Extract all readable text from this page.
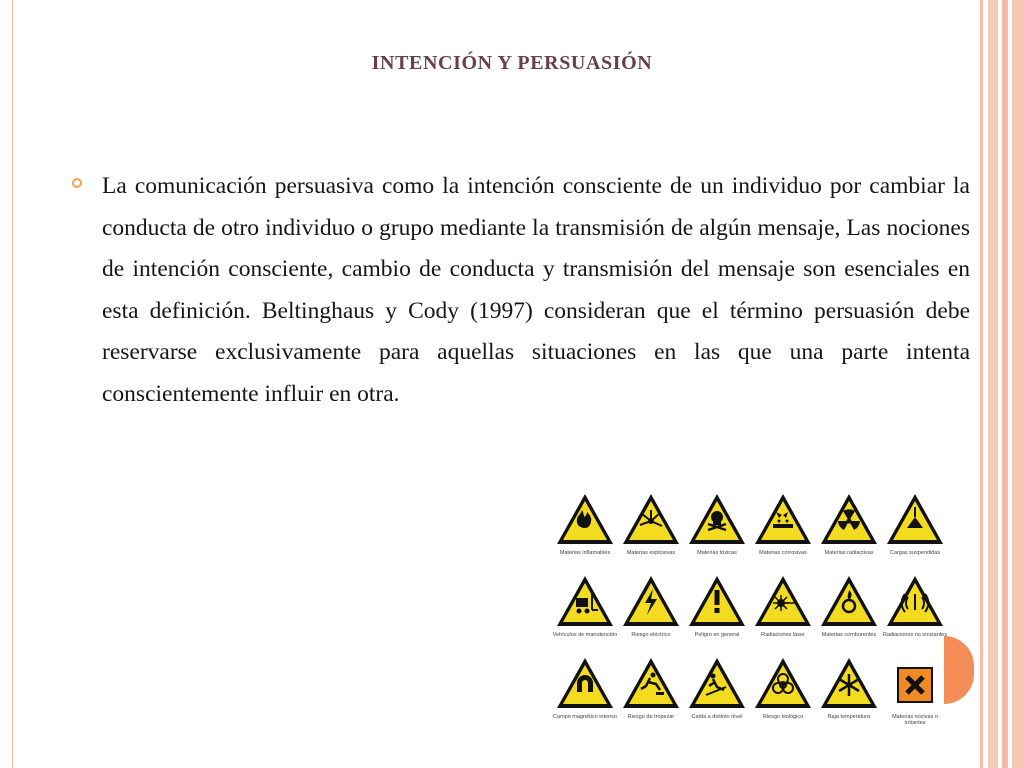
INTENCIÓN Y PERSUASIÓN
La comunicación persuasiva como la intención consciente de un individuo por cambiar la conducta de otro individuo o grupo mediante la transmisión de algún mensaje, Las nociones de intención consciente, cambio de conducta y transmisión del mensaje son esenciales en esta definición. Beltinghaus y Cody (1997) consideran que el término persuasión debe reservarse exclusivamente para aquellas situaciones en las que una parte intenta conscientemente influir en otra.
Materias inflamables	Materias explosivas	Materias tóxicas	Materias corrosivas	Materias radiactivas	Cargas suspendidas
Vehículos de manutención	Riesgo eléctrico	Peligro en general	Radiaciones láser	Materias comburentes	Radiaciones no ionizantes
Campo magnético intenso	Riesgo de tropezar	Caída a distinto nivel	Riesgo biológico	Baja temperatura	Materias nocivas o irritantes
